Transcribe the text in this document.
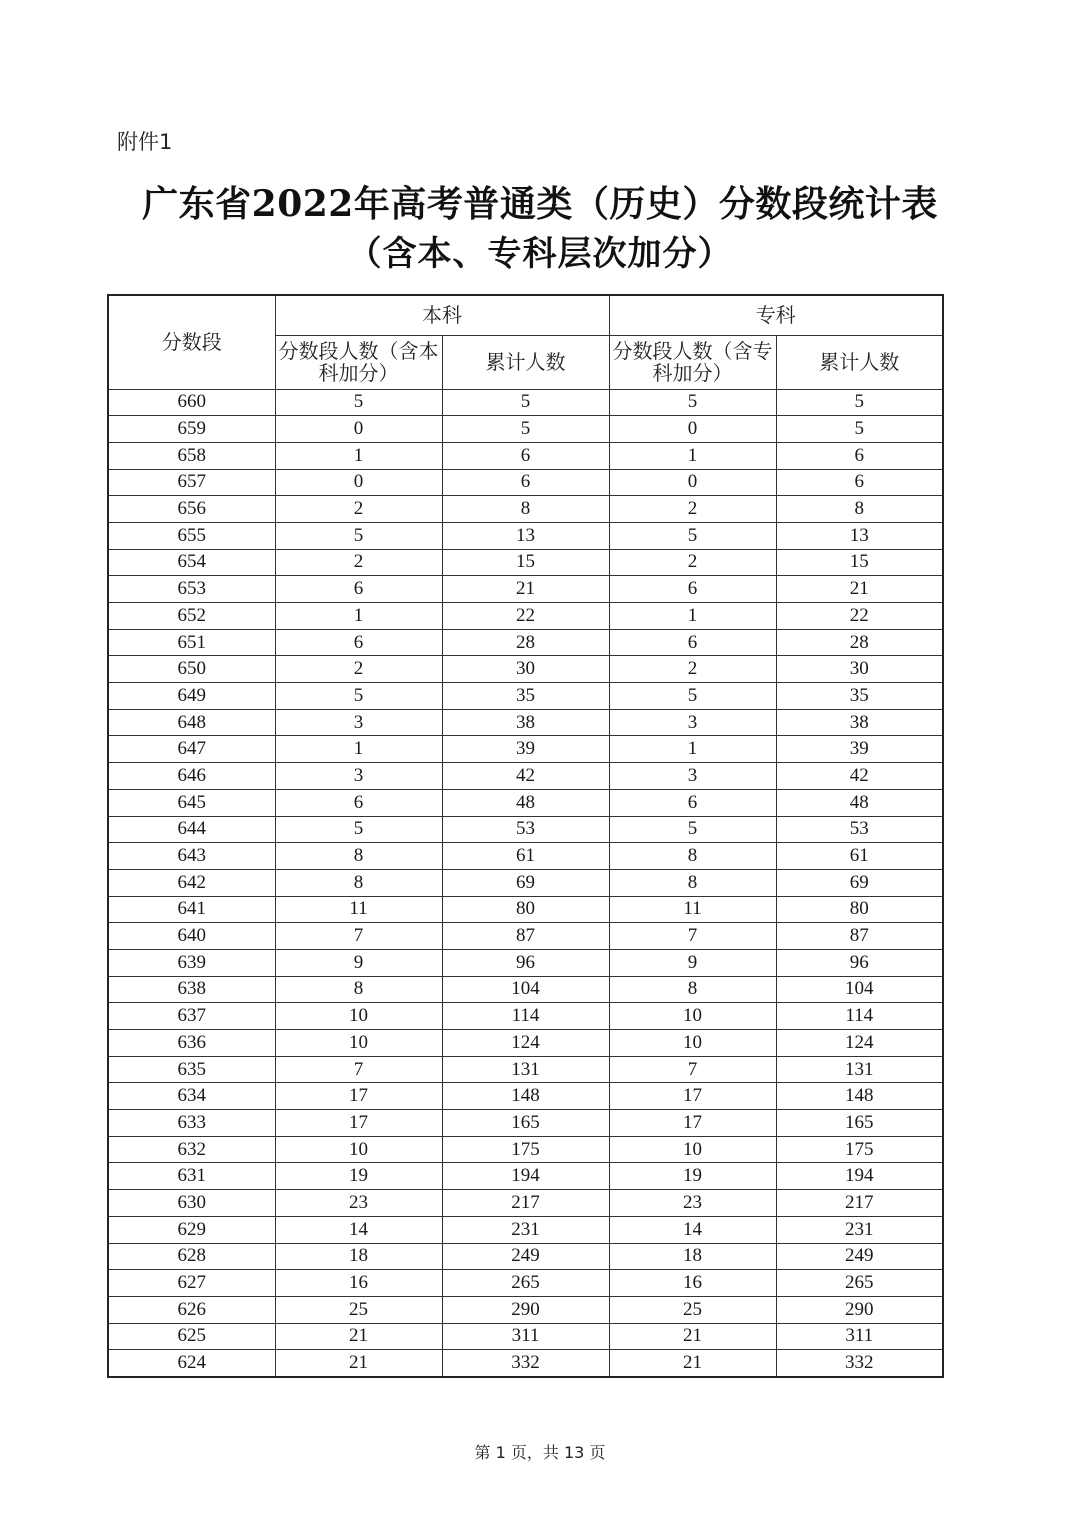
附件1
广东省2022年高考普通类（历史）分数段统计表
（含本、专科层次加分）
分数段	本科		专科	
	分数段人数（含本科加分）	累计人数	分数段人数（含专科加分）	累计人数
660	5	5	5	5
659	0	5	0	5
658	1	6	1	6
657	0	6	0	6
656	2	8	2	8
655	5	13	5	13
654	2	15	2	15
653	6	21	6	21
652	1	22	1	22
651	6	28	6	28
650	2	30	2	30
649	5	35	5	35
648	3	38	3	38
647	1	39	1	39
646	3	42	3	42
645	6	48	6	48
644	5	53	5	53
643	8	61	8	61
642	8	69	8	69
641	11	80	11	80
640	7	87	7	87
639	9	96	9	96
638	8	104	8	104
637	10	114	10	114
636	10	124	10	124
635	7	131	7	131
634	17	148	17	148
633	17	165	17	165
632	10	175	10	175
631	19	194	19	194
630	23	217	23	217
629	14	231	14	231
628	18	249	18	249
627	16	265	16	265
626	25	290	25	290
625	21	311	21	311
624	21	332	21	332
第 1 页，共 13 页
